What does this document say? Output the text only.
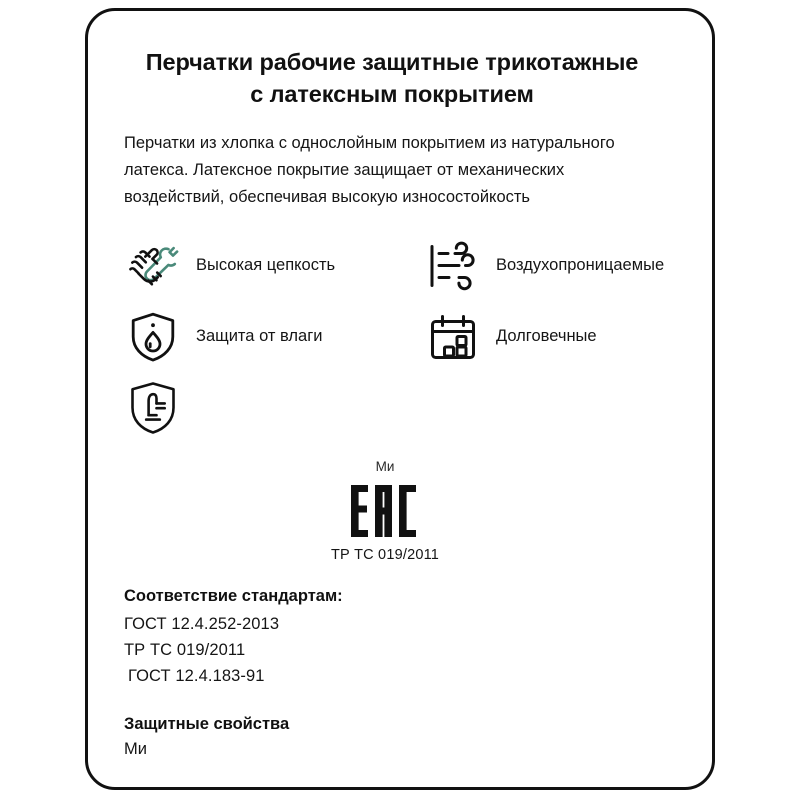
Перчатки рабочие защитные трикотажные
с латексным покрытием
Перчатки из хлопка с однослойным покрытием из натурального
латекса. Латексное покрытие защищает от механических
воздействий, обеспечивая высокую износостойкость
Высокая цепкость	Воздухопроницаемые
Защита от влаги	Долговечные
Ми
ТР ТС 019/2011
Соответствие стандартам:
ГОСТ 12.4.252-2013
ТР ТС 019/2011
ГОСТ 12.4.183-91
Защитные свойства
Ми
